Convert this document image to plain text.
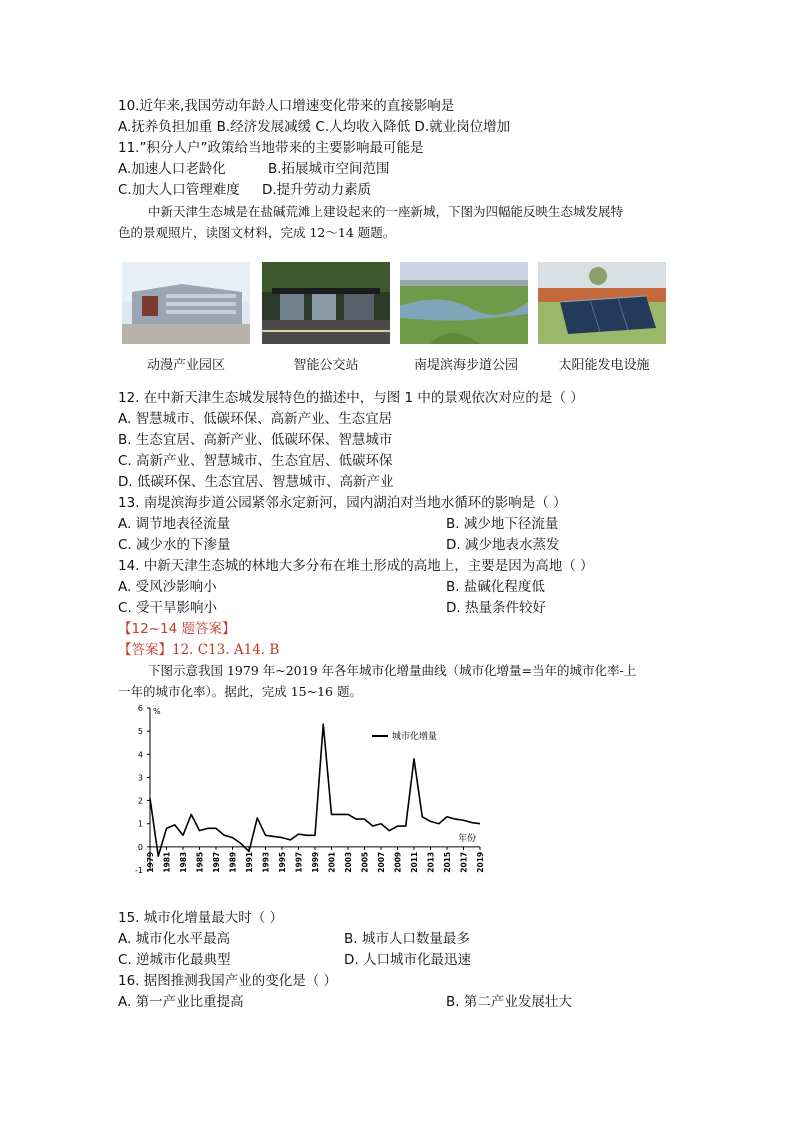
10.近年来,我国劳动年龄人口增速变化带来的直接影响是
A.抚养负担加重 B.经济发展减缓 C.人均收入降低 D.就业岗位增加
11.”积分人户”政策给当地带来的主要影响最可能是
A.加速人口老龄化	B.拓展城市空间范围
C.加大人口管理难度 D.提升劳动力素质
中新天津生态城是在盐碱荒滩上建设起来的一座新城，下图为四幅能反映生态城发展特
色的景观照片，读图文材料，完成 12～14 题题。
动漫产业园区	智能公交站	南堤滨海步道公园	太阳能发电设施
12. 在中新天津生态城发展特色的描述中，与图 1 中的景观依次对应的是（ ）
A. 智慧城市、低碳环保、高新产业、生态宜居
B. 生态宜居、高新产业、低碳环保、智慧城市
C. 高新产业、智慧城市、生态宜居、低碳环保
D. 低碳环保、生态宜居、智慧城市、高新产业
13. 南堤滨海步道公园紧邻永定新河，园内湖泊对当地水循环的影响是（ ）
A. 调节地表径流量	B. 减少地下径流量
C. 减少水的下渗量	D. 减少地表水蒸发
14. 中新天津生态城的林地大多分布在堆土形成的高地上，主要是因为高地（ ）
A. 受风沙影响小	B. 盐碱化程度低
C. 受干旱影响小	D. 热量条件较好
【12~14 题答案】
【答案】12. C13. A14. B
下图示意我国 1979 年~2019 年各年城市化增量曲线（城市化增量=当年的城市化率-上
一年的城市化率）。据此，完成 15~16 题。
6
5
4
3
2
1
0
-1
%
1979 1981 1983 1985 1987 1989 1991 1993 1995 1997 1999 2001 2003 2005 2007 2009 2011 2013 2015 2017 2019
年份
城市化增量
15. 城市化增量最大时（ ）
A. 城市化水平最高	B. 城市人口数量最多
C. 逆城市化最典型	D. 人口城市化最迅速
16. 据图推测我国产业的变化是（ ）
A. 第一产业比重提高	B. 第二产业发展壮大
